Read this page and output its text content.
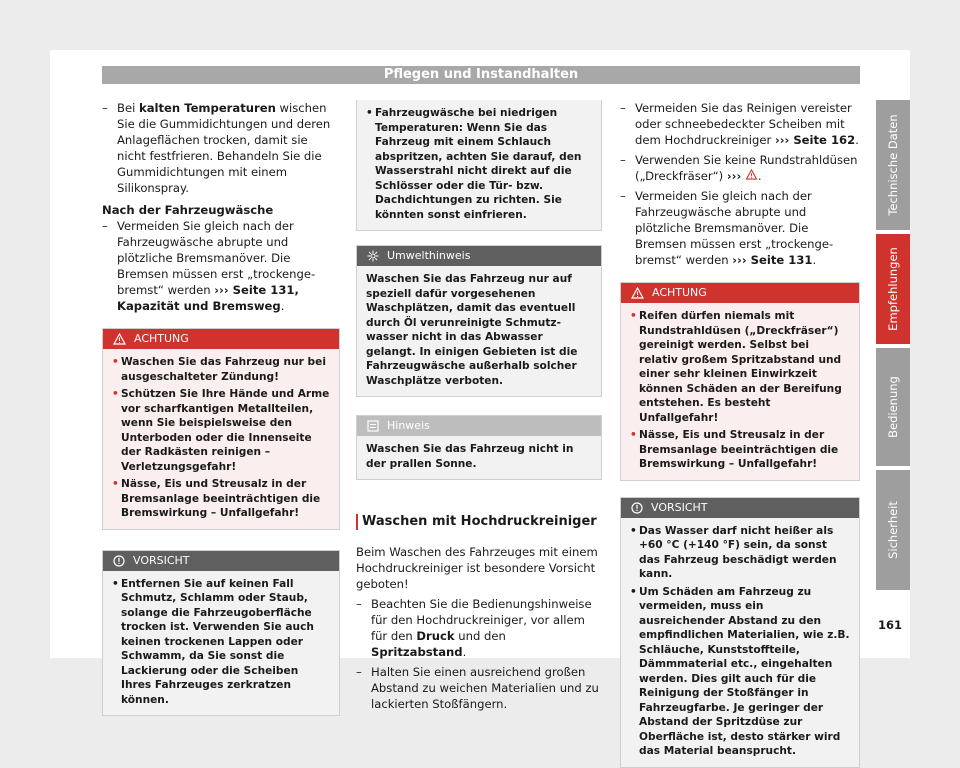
Pflegen und Instandhalten

– Bei kalten Temperaturen wischen Sie die Gummidichtungen und deren Anlageflächen trocken, damit sie nicht festfrieren. Behandeln Sie die Gummidichtungen mit einem Silikonspray.

Nach der Fahrzeugwäsche

– Vermeiden Sie gleich nach der Fahrzeugwäsche abrupte und plötzliche Bremsmanöver. Die Bremsen müssen erst „trockengebremst“ werden ››› Seite 131, Kapazität und Bremsweg.

ACHTUNG

• Waschen Sie das Fahrzeug nur bei ausgeschalteter Zündung!

• Schützen Sie Ihre Hände und Arme vor scharfkantigen Metallteilen, wenn Sie beispielsweise den Unterboden oder die Innenseite der Radkästen reinigen – Verletzungsgefahr!

• Nässe, Eis und Streusalz in der Bremsanlage beeinträchtigen die Bremswirkung – Unfallgefahr!

VORSICHT

• Entfernen Sie auf keinen Fall Schmutz, Schlamm oder Staub, solange die Fahrzeugoberfläche trocken ist. Verwenden Sie auch keinen trockenen Lappen oder Schwamm, da Sie sonst die Lackierung oder die Scheiben Ihres Fahrzeuges zerkratzen können.

• Fahrzeugwäsche bei niedrigen Temperaturen: Wenn Sie das Fahrzeug mit einem Schlauch abspritzen, achten Sie darauf, den Wasserstrahl nicht direkt auf die Schlösser oder die Tür- bzw. Dachdichtungen zu richten. Sie könnten sonst einfrieren.

Umwelthinweis

Waschen Sie das Fahrzeug nur auf speziell dafür vorgesehenen Waschplätzen, damit das eventuell durch Öl verunreinigte Schmutzwasser nicht in das Abwasser gelangt. In einigen Gebieten ist die Fahrzeugwäsche außerhalb solcher Waschplätze verboten.

Hinweis

Waschen Sie das Fahrzeug nicht in der prallen Sonne.

Waschen mit Hochdruckreiniger

Beim Waschen des Fahrzeuges mit einem Hochdruckreiniger ist besondere Vorsicht geboten!

– Beachten Sie die Bedienungshinweise für den Hochdruckreiniger, vor allem für den Druck und den Spritzabstand.

– Halten Sie einen ausreichend großen Abstand zu weichen Materialien und zu lackierten Stoßfängern.

– Vermeiden Sie das Reinigen vereister oder schneebedeckter Scheiben mit dem Hochdruckreiniger ››› Seite 162.

– Verwenden Sie keine Rundstrahldüsen („Dreckfräser“) ››› .

– Vermeiden Sie gleich nach der Fahrzeugwäsche abrupte und plötzliche Bremsmanöver. Die Bremsen müssen erst „trockengebremst“ werden ››› Seite 131.

ACHTUNG

• Reifen dürfen niemals mit Rundstrahldüsen („Dreckfräser“) gereinigt werden. Selbst bei relativ großem Spritzabstand und einer sehr kleinen Einwirkzeit können Schäden an der Bereifung entstehen. Es besteht Unfallgefahr!

• Nässe, Eis und Streusalz in der Bremsanlage beeinträchtigen die Bremswirkung – Unfallgefahr!

VORSICHT

• Das Wasser darf nicht heißer als +60 °C (+140 °F) sein, da sonst das Fahrzeug beschädigt werden kann.

• Um Schäden am Fahrzeug zu vermeiden, muss ein ausreichender Abstand zu den empfindlichen Materialien, wie z.B. Schläuche, Kunststoffteile, Dämmmaterial etc., eingehalten werden. Dies gilt auch für die Reinigung der Stoßfänger in Fahrzeugfarbe. Je geringer der Abstand der Spritzdüse zur Oberfläche ist, desto stärker wird das Material beansprucht.

Technische Daten
Empfehlungen
Bedienung
Sicherheit
161
